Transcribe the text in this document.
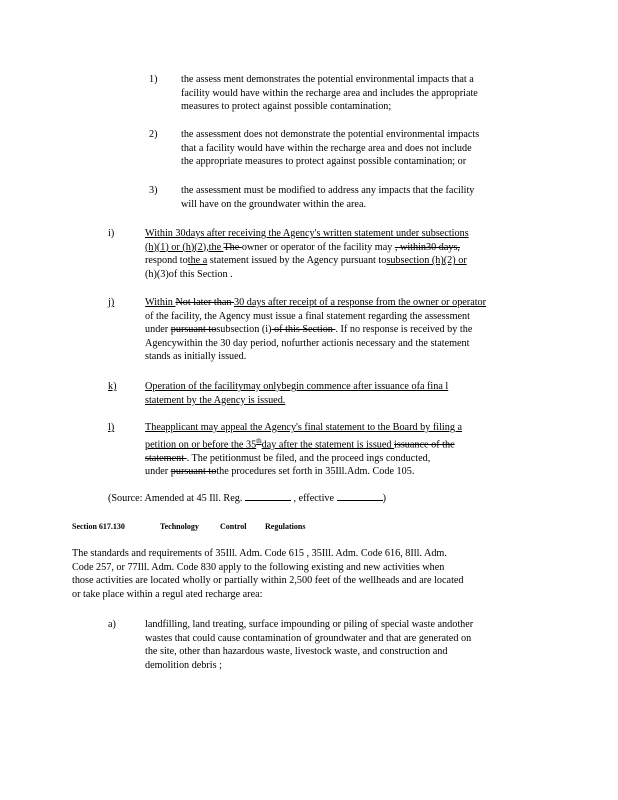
1) the assess ment demonstrates the potential environmental impacts that a
facility would have within the recharge area and includes the appropriate
measures to protect against possible contamination;
2) the assessment does not demonstrate the potential environmental impacts
that a facility would have within the recharge area and does not include
the appropriate measures to protect against possible contamination; or
3) the assessment must be modified to address any impacts that the facility
will have on the groundwater within the area.
i)	Within 30days after receiving the Agency's written statement under subsections
(h)(1) or (h)(2),the The owner or operator of the facility may , within30 days,
respond tothe a statement issued by the Agency pursuant tosubsection (h)(2) or
(h)(3)of this Section .
j)	Within Not later than 30 days after receipt of a response from the owner or operator
of the facility, the Agency must issue a final statement regarding the assessment
under pursuant tosubsection (i) of this Section . If no response is received by the
Agencywithin the 30 day period, nofurther actionis necessary and the statement
stands as initially issued.
k)	Operation of the facilitymay onlybegin commence after issuance ofa fina l
statement by the Agency is issued.
l)	Theapplicant may appeal the Agency's final statement to the Board by filing a
petition on or before the 35thday after the statement is issued issuance of the
statement . The petitionmust be filed, and the proceed ings conducted,
under pursuant tothe procedures set forth in 35Ill.Adm. Code 105.
(Source: Amended at 45 Ill. Reg.	, effective	)
Section 617.130	Technology	Control Regulations
The standards and requirements of 35Ill. Adm. Code 615 , 35Ill. Adm. Code 616, 8Ill. Adm.
Code 257, or 77Ill. Adm. Code 830 apply to the following existing and new activities when
those activities are located wholly or partially within 2,500 feet of the wellheads and are located
or take place within a regul ated recharge area:
a)	landfilling, land treating, surface impounding or piling of special waste andother
wastes that could cause contamination of groundwater and that are generated on
the site, other than hazardous waste, livestock waste, and construction and
demolition debris ;
